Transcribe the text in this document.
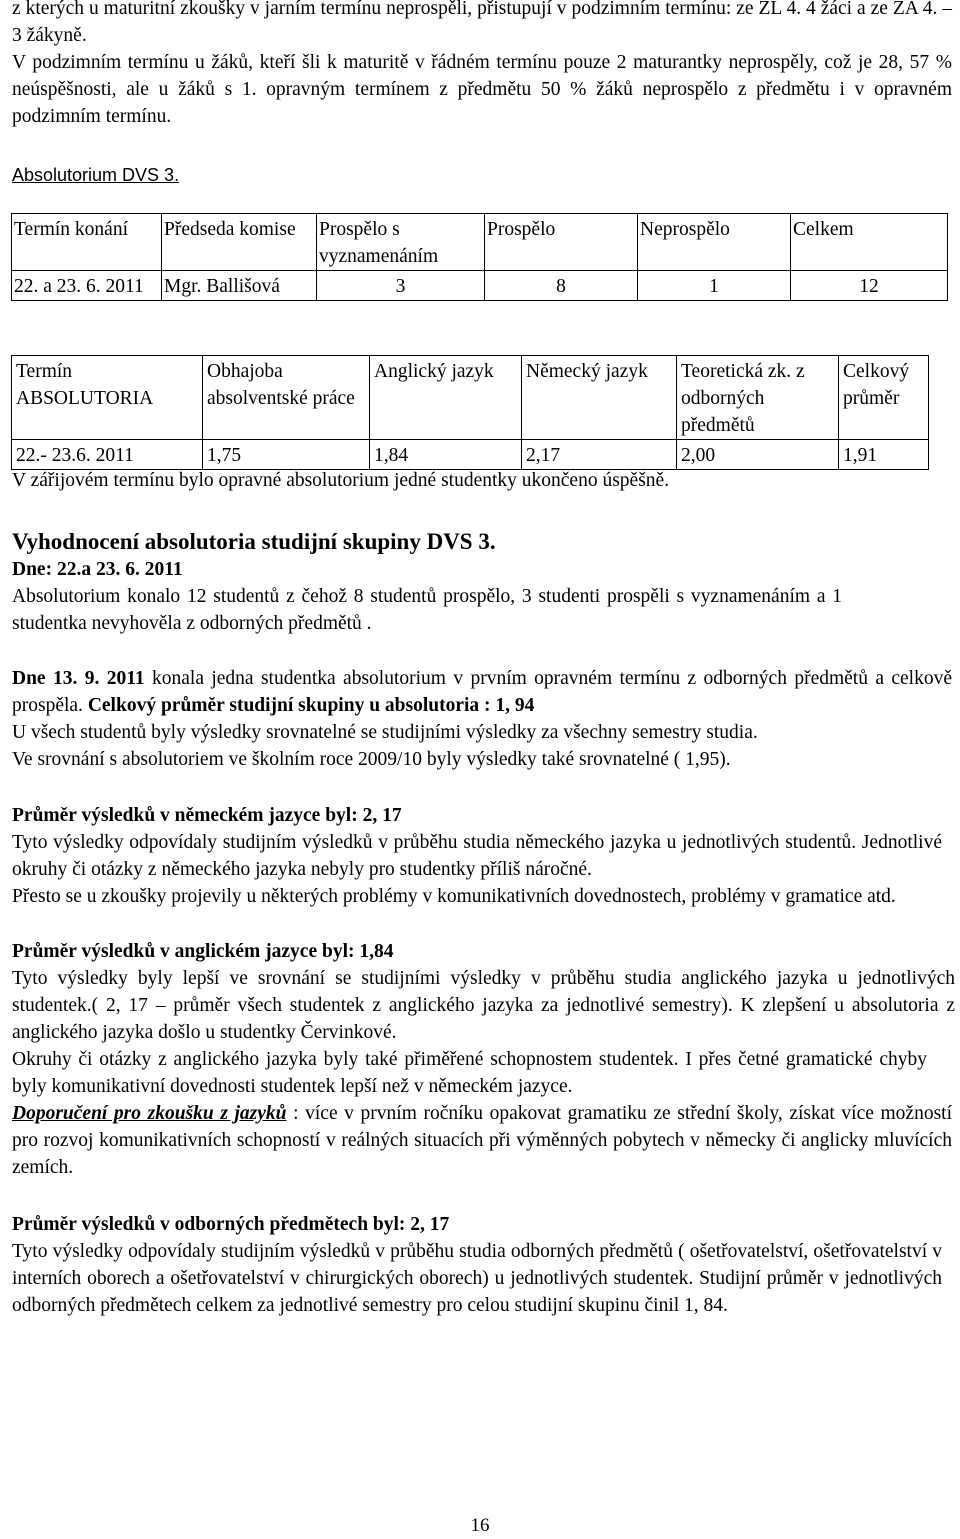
z kterých u maturitní zkoušky v jarním termínu neprospěli, přistupují v podzimním termínu: ze ZL 4. 4 žáci a ze ZA 4. – 3 žákyně.

V podzimním termínu u žáků, kteří šli k maturitě v řádném termínu pouze 2 maturantky neprospěly, což je 28, 57 % neúspěšnosti, ale u žáků s 1. opravným termínem z předmětu 50 % žáků neprospělo z předmětu i v opravném podzimním termínu.

Absolutorium DVS 3.

Termín konání	Předseda komise	Prospělo s vyznamenáním	Prospělo	Neprospělo	Celkem
22. a 23. 6. 2011	Mgr. Ballišová	3	8	1	12
Termín ABSOLUTORIA	Obhajoba absolventské práce	Anglický jazyk	Německý jazyk	Teoretická zk. z odborných předmětů	Celkový průměr
22.- 23.6. 2011	1,75	1,84	2,17	2,00	1,91

V zářijovém termínu bylo opravné absolutorium jedné studentky ukončeno úspěšně.

Vyhodnocení absolutoria studijní skupiny DVS 3.

Dne: 22.a 23. 6. 2011

Absolutorium konalo 12 studentů z čehož 8 studentů prospělo, 3 studenti prospěli s vyznamenáním a 1 studentka nevyhověla z odborných předmětů .

Dne 13. 9. 2011 konala jedna studentka absolutorium v prvním opravném termínu z odborných předmětů a celkově prospěla. Celkový průměr studijní skupiny u absolutoria : 1, 94

U všech studentů byly výsledky srovnatelné se studijními výsledky za všechny semestry studia.

Ve srovnání s absolutoriem ve školním roce 2009/10 byly výsledky také srovnatelné ( 1,95).

Průměr výsledků v německém jazyce byl: 2, 17

Tyto výsledky odpovídaly studijním výsledků v průběhu studia německého jazyka u jednotlivých studentů. Jednotlivé okruhy či otázky z německého jazyka nebyly pro studentky příliš náročné.

Přesto se u zkoušky projevily u některých problémy v komunikativních dovednostech, problémy v gramatice atd.

Průměr výsledků v anglickém jazyce byl: 1,84

Tyto výsledky byly lepší ve srovnání se studijními výsledky v průběhu studia anglického jazyka u jednotlivých studentek.( 2, 17 – průměr všech studentek z anglického jazyka za jednotlivé semestry). K zlepšení u absolutoria z anglického jazyka došlo u studentky Červinkové.

Okruhy či otázky z anglického jazyka byly také přiměřené schopnostem studentek. I přes četné gramatické chyby byly komunikativní dovednosti studentek lepší než v německém jazyce.

Doporučení pro zkoušku z jazyků : více v prvním ročníku opakovat gramatiku ze střední školy, získat více možností pro rozvoj komunikativních schopností v reálných situacích při výměnných pobytech v německy či anglicky mluvících zemích.

Průměr výsledků v odborných předmětech byl: 2, 17

Tyto výsledky odpovídaly studijním výsledků v průběhu studia odborných předmětů ( ošetřovatelství, ošetřovatelství v interních oborech a ošetřovatelství v chirurgických oborech) u jednotlivých studentek. Studijní průměr v jednotlivých odborných předmětech celkem za jednotlivé semestry pro celou studijní skupinu činil 1, 84.

16
